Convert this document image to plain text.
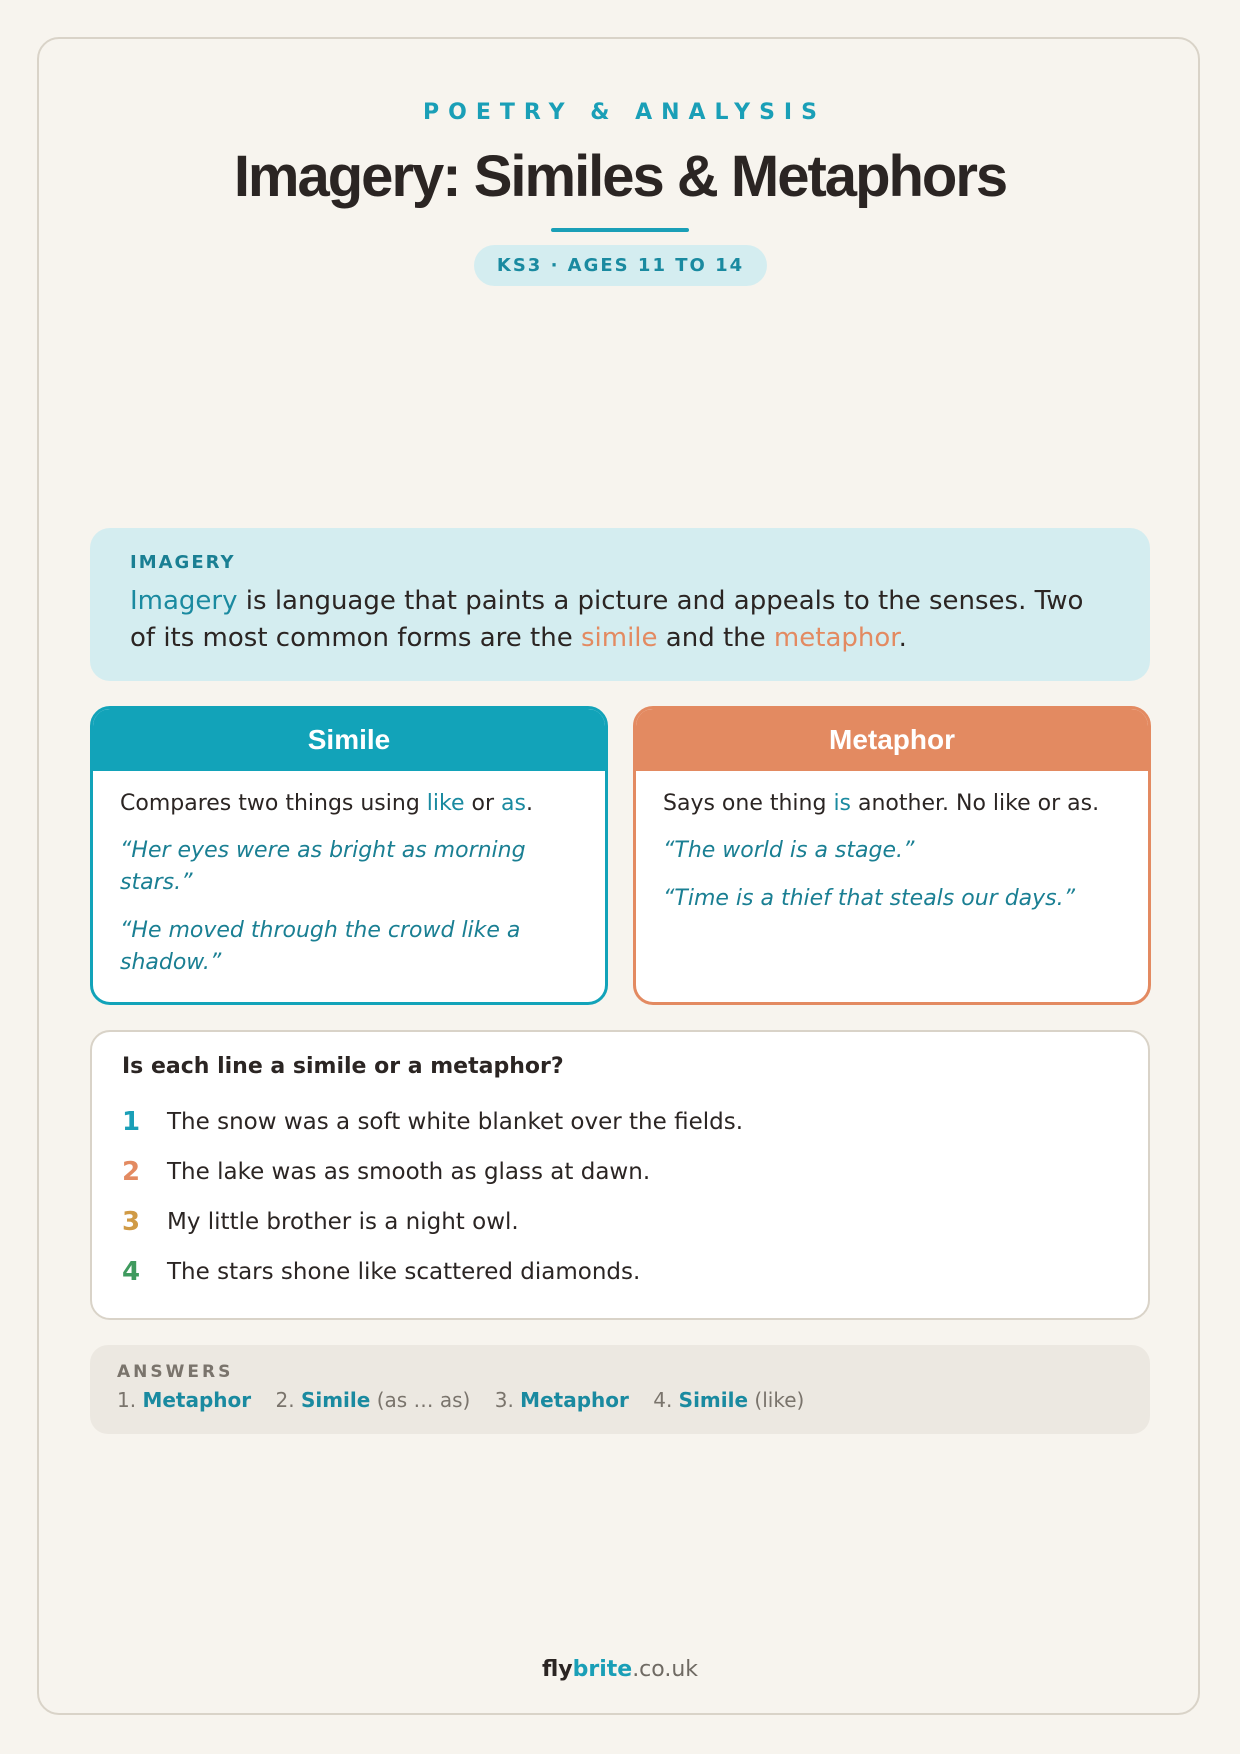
POETRY & ANALYSIS
Imagery: Similes & Metaphors
KS3 · AGES 11 TO 14
IMAGERY
Imagery is language that paints a picture and appeals to the senses. Two of its most common forms are the simile and the metaphor.
Simile
Compares two things using like or as.
“Her eyes were as bright as morning stars.”
“He moved through the crowd like a shadow.”
Metaphor
Says one thing is another. No like or as.
“The world is a stage.”
“Time is a thief that steals our days.”
Is each line a simile or a metaphor?
1	The snow was a soft white blanket over the fields.
2	The lake was as smooth as glass at dawn.
3	My little brother is a night owl.
4	The stars shone like scattered diamonds.
ANSWERS
1. Metaphor 2. Simile (as … as) 3. Metaphor 4. Simile (like)
flybrite.co.uk
